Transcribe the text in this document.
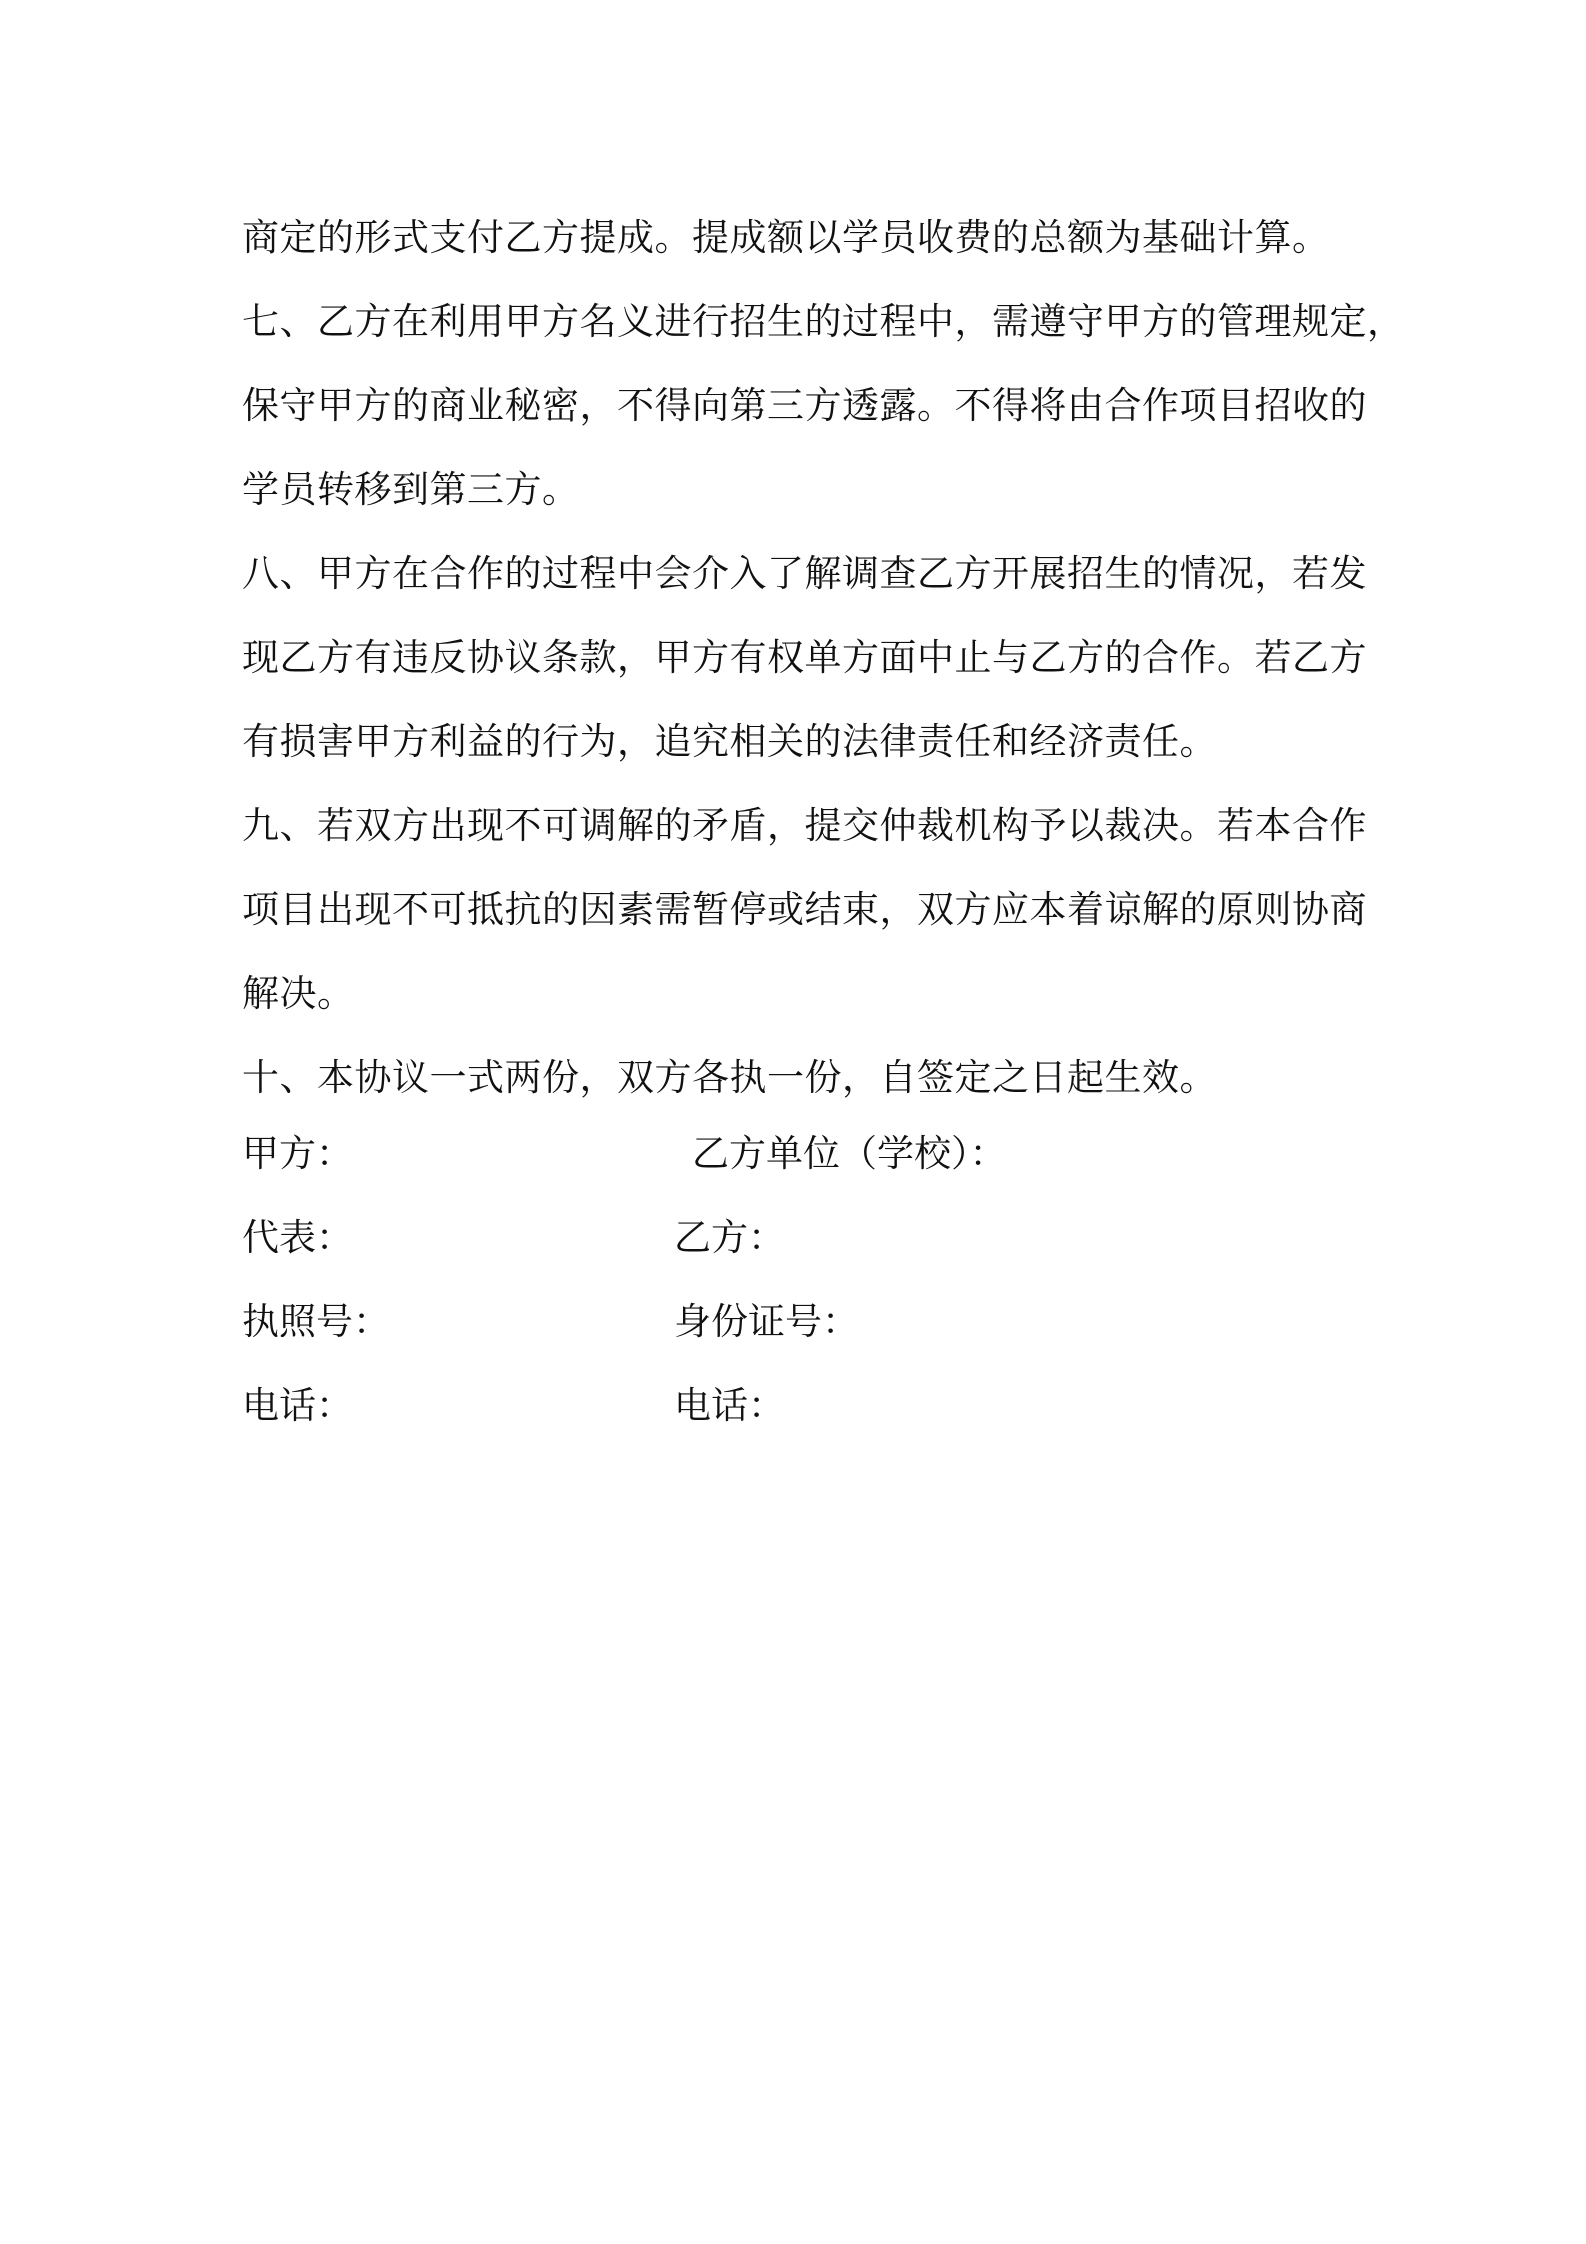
商定的形式支付乙方提成。提成额以学员收费的总额为基础计算。
七、乙方在利用甲方名义进行招生的过程中，需遵守甲方的管理规定，
保守甲方的商业秘密，不得向第三方透露。不得将由合作项目招收的
学员转移到第三方。
八、甲方在合作的过程中会介入了解调查乙方开展招生的情况，若发
现乙方有违反协议条款，甲方有权单方面中止与乙方的合作。若乙方
有损害甲方利益的行为，追究相关的法律责任和经济责任。
九、若双方出现不可调解的矛盾，提交仲裁机构予以裁决。若本合作
项目出现不可抵抗的因素需暂停或结束，双方应本着谅解的原则协商
解决。
十、本协议一式两份，双方各执一份，自签定之日起生效。
甲方：	乙方单位（学校）：
代表：	乙方：
执照号：	身份证号：
电话：	电话：
